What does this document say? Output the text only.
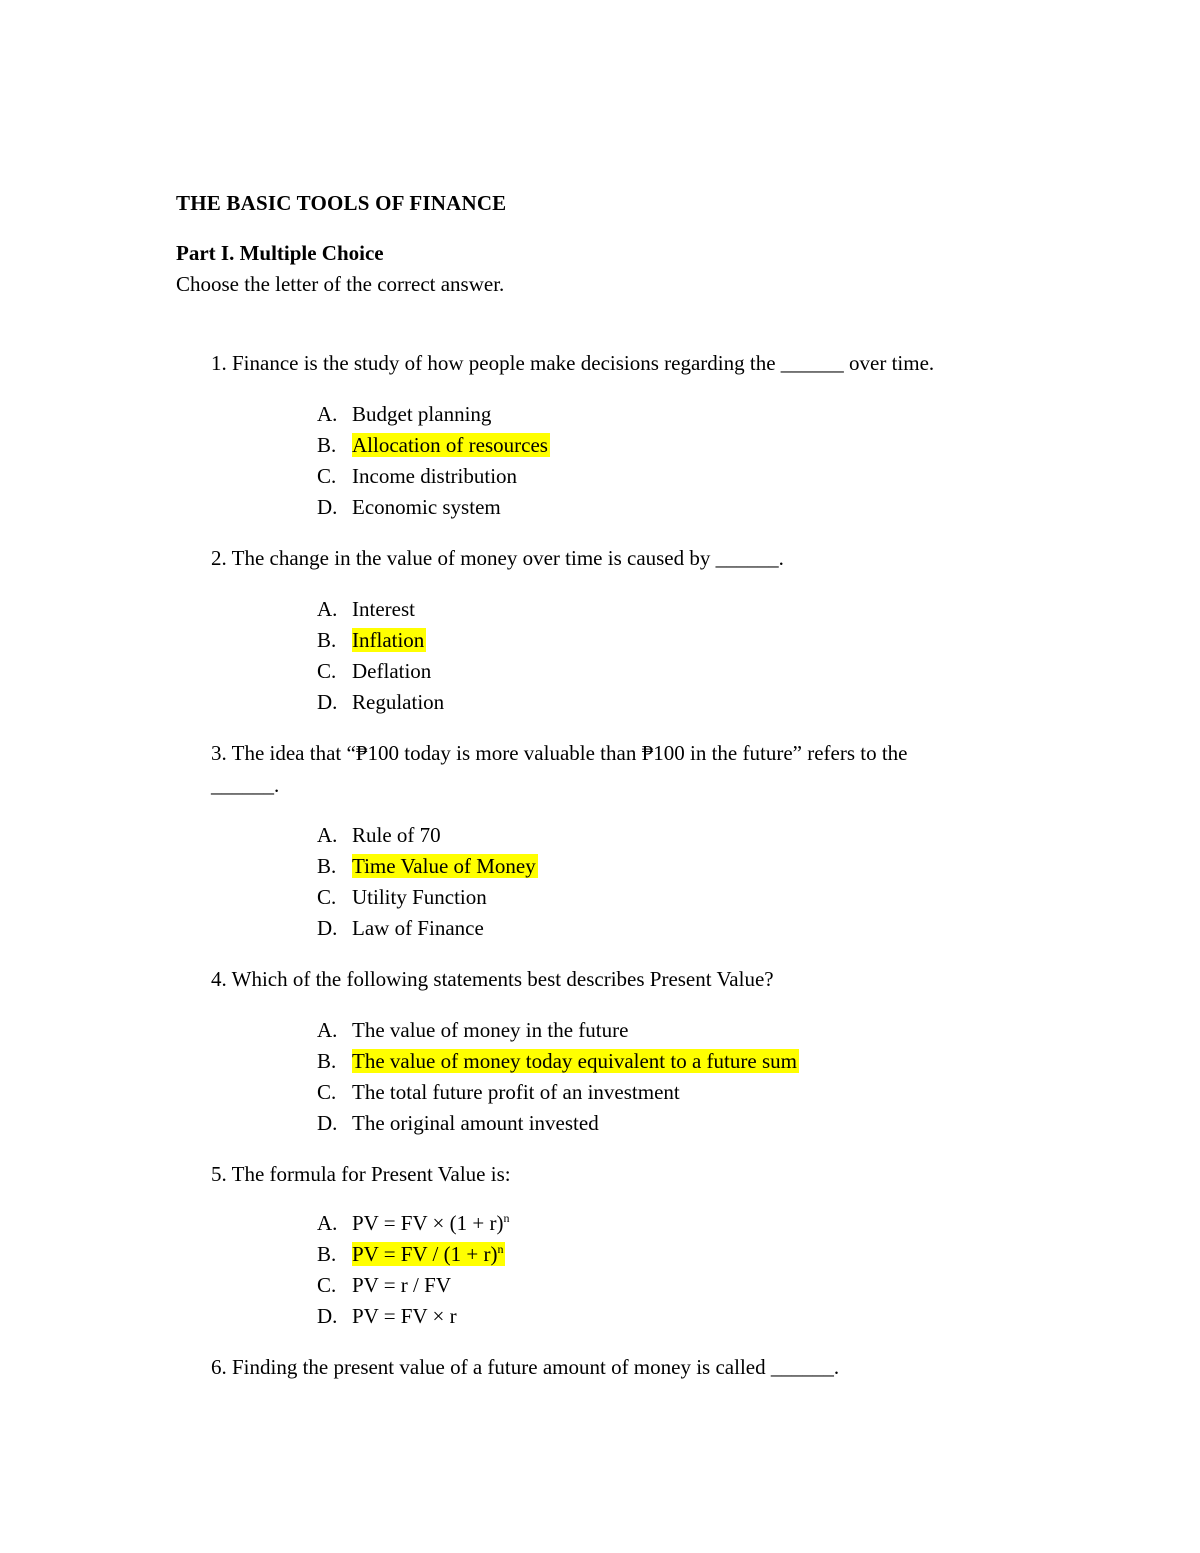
THE BASIC TOOLS OF FINANCE
Part I. Multiple Choice
Choose the letter of the correct answer.
1. Finance is the study of how people make decisions regarding the ______ over time.
A. Budget planning
B. Allocation of resources
C. Income distribution
D. Economic system
2. The change in the value of money over time is caused by ______.
A. Interest
B. Inflation
C. Deflation
D. Regulation
3. The idea that “₱100 today is more valuable than ₱100 in the future” refers to the
______.
A. Rule of 70
B. Time Value of Money
C. Utility Function
D. Law of Finance
4. Which of the following statements best describes Present Value?
A. The value of money in the future
B. The value of money today equivalent to a future sum
C. The total future profit of an investment
D. The original amount invested
5. The formula for Present Value is:
A. PV = FV × $(1 + r)^n$
B. PV = FV / $(1 + r)^n$
C. PV = r / FV
D. PV = FV × r
6. Finding the present value of a future amount of money is called ______.
